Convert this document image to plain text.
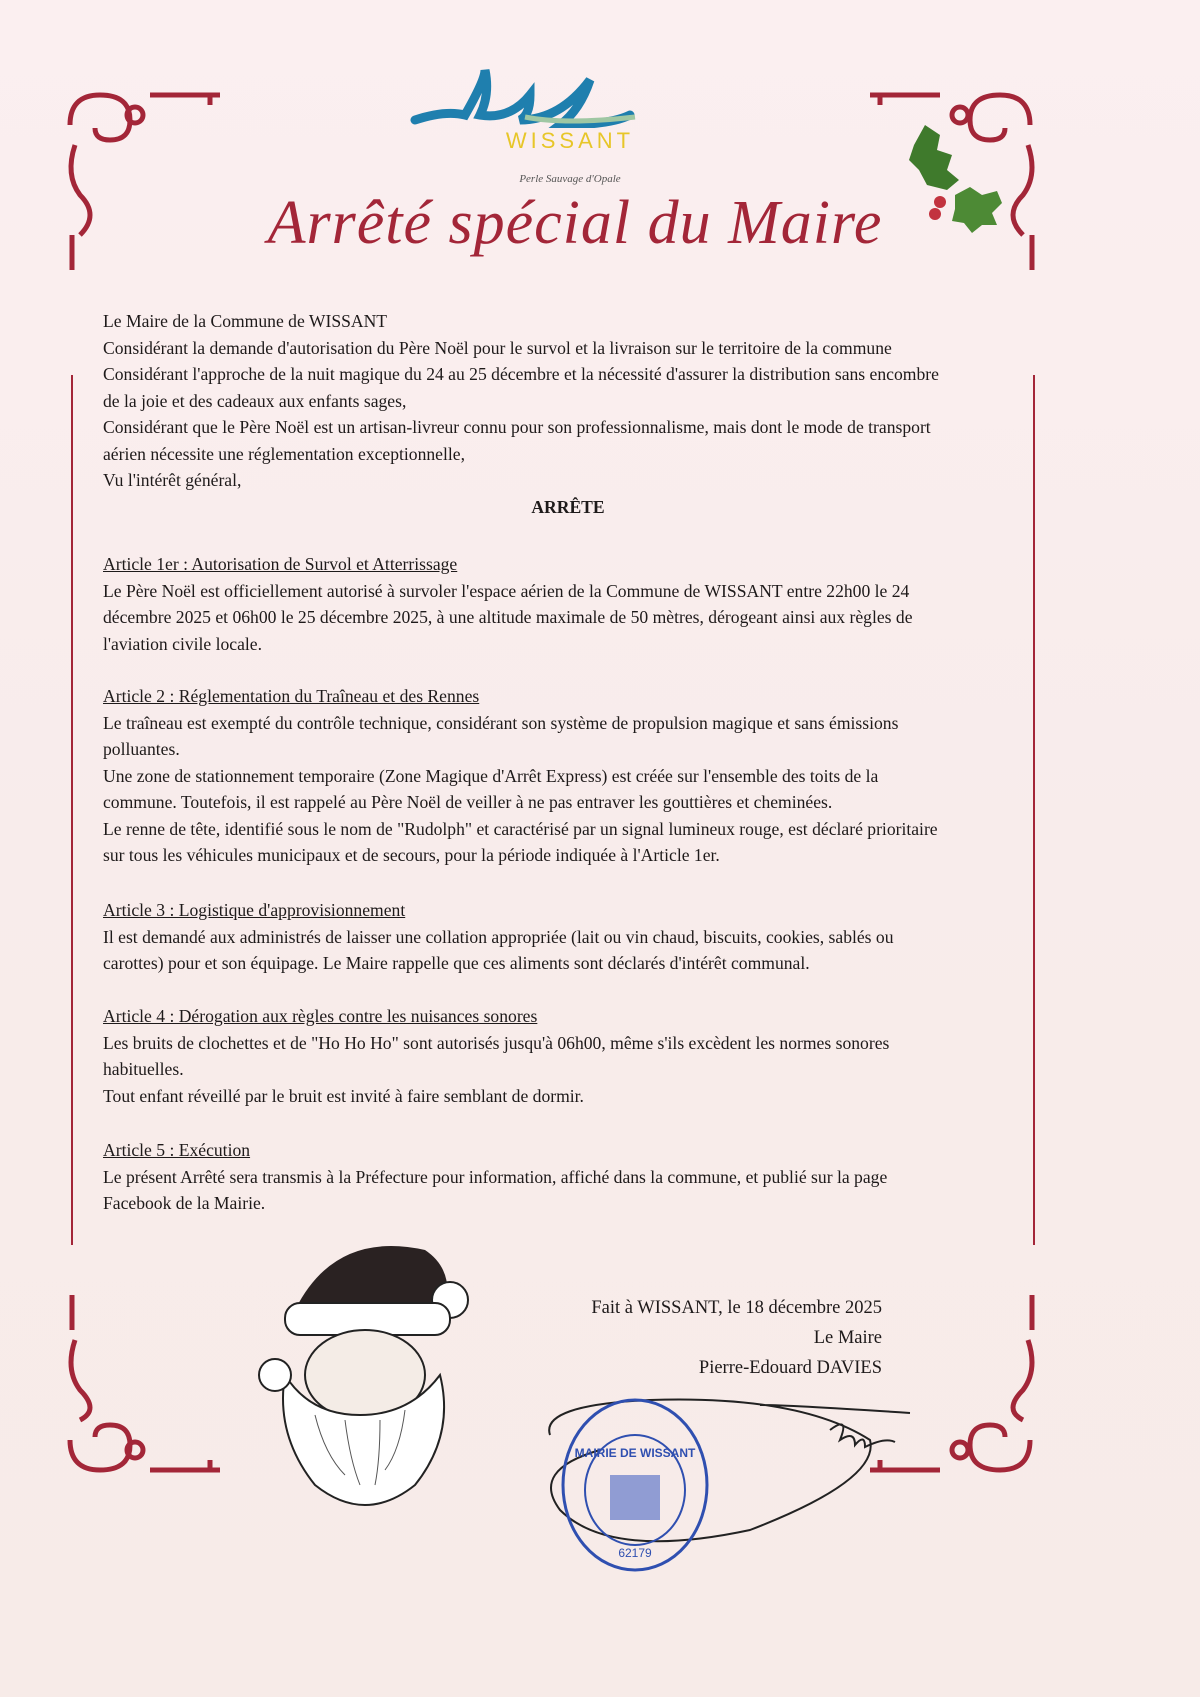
WISSANT
Perle Sauvage d'Opale
Arrêté spécial du Maire
Le Maire de la Commune de WISSANT
Considérant la demande d'autorisation du Père Noël pour le survol et la livraison sur le territoire de la commune
Considérant l'approche de la nuit magique du 24 au 25 décembre et la nécessité d'assurer la distribution sans encombre
de la joie et des cadeaux aux enfants sages,
Considérant que le Père Noël est un artisan-livreur connu pour son professionnalisme, mais dont le mode de transport
aérien nécessite une réglementation exceptionnelle,
Vu l'intérêt général,
ARRÊTE
Article 1er : Autorisation de Survol et Atterrissage
Le Père Noël est officiellement autorisé à survoler l'espace aérien de la Commune de WISSANT entre 22h00 le 24
décembre 2025 et 06h00 le 25 décembre 2025, à une altitude maximale de 50 mètres, dérogeant ainsi aux règles de
l'aviation civile locale.
Article 2 : Réglementation du Traîneau et des Rennes
Le traîneau est exempté du contrôle technique, considérant son système de propulsion magique et sans émissions
polluantes.
Une zone de stationnement temporaire (Zone Magique d'Arrêt Express) est créée sur l'ensemble des toits de la
commune. Toutefois, il est rappelé au Père Noël de veiller à ne pas entraver les gouttières et cheminées.
Le renne de tête, identifié sous le nom de "Rudolph" et caractérisé par un signal lumineux rouge, est déclaré prioritaire
sur tous les véhicules municipaux et de secours, pour la période indiquée à l'Article 1er.
Article 3 : Logistique d'approvisionnement
Il est demandé aux administrés de laisser une collation appropriée (lait ou vin chaud, biscuits, cookies, sablés ou
carottes) pour et son équipage. Le Maire rappelle que ces aliments sont déclarés d'intérêt communal.
Article 4 : Dérogation aux règles contre les nuisances sonores
Les bruits de clochettes et de "Ho Ho Ho" sont autorisés jusqu'à 06h00, même s'ils excèdent les normes sonores
habituelles.
Tout enfant réveillé par le bruit est invité à faire semblant de dormir.
Article 5 : Exécution
Le présent Arrêté sera transmis à la Préfecture pour information, affiché dans la commune, et publié sur la page
Facebook de la Mairie.
Fait à WISSANT, le 18 décembre 2025
Le Maire
Pierre-Edouard DAVIES
MAIRIE DE WISSANT
62179
